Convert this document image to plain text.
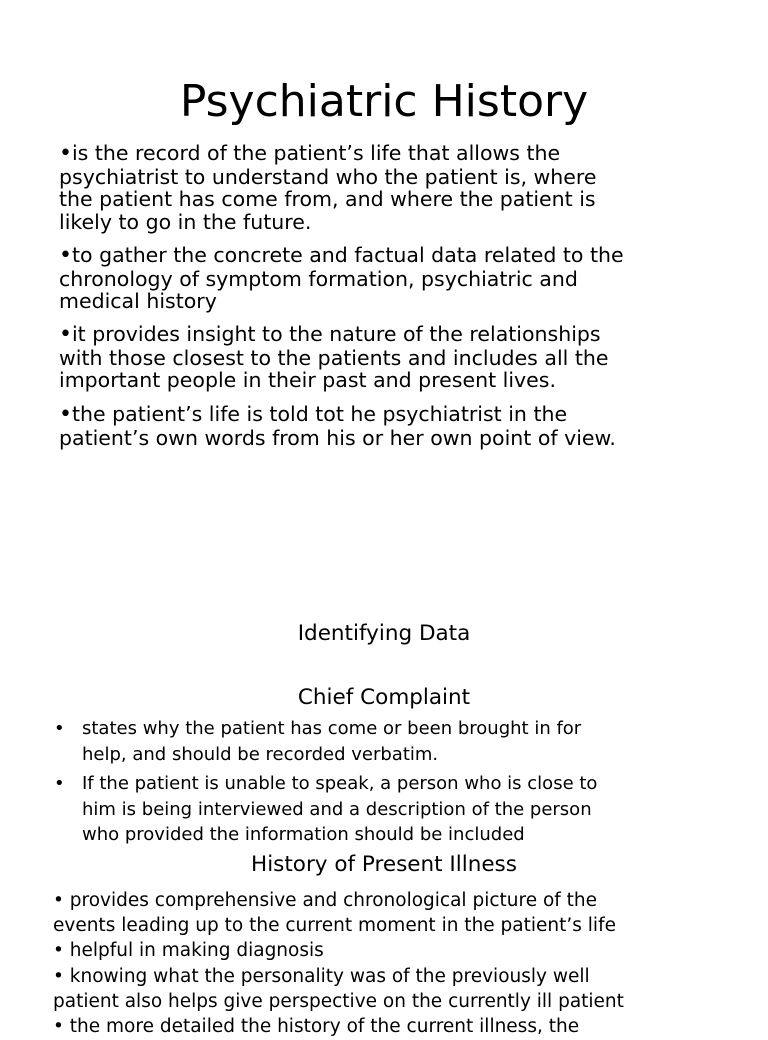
Psychiatric History
•is the record of the patient’s life that allows the
psychiatrist to understand who the patient is, where
the patient has come from, and where the patient is
likely to go in the future.
•to gather the concrete and factual data related to the
chronology of symptom formation, psychiatric and
medical history
•it provides insight to the nature of the relationships
with those closest to the patients and includes all the
important people in their past and present lives.
•the patient’s life is told tot he psychiatrist in the
patient’s own words from his or her own point of view.
Identifying Data
Chief Complaint
• states why the patient has come or been brought in for
help, and should be recorded verbatim.
• If the patient is unable to speak, a person who is close to
him is being interviewed and a description of the person
who provided the information should be included
History of Present Illness
• provides comprehensive and chronological picture of the
events leading up to the current moment in the patient’s life
• helpful in making diagnosis
• knowing what the personality was of the previously well
patient also helps give perspective on the currently ill patient
• the more detailed the history of the current illness, the
